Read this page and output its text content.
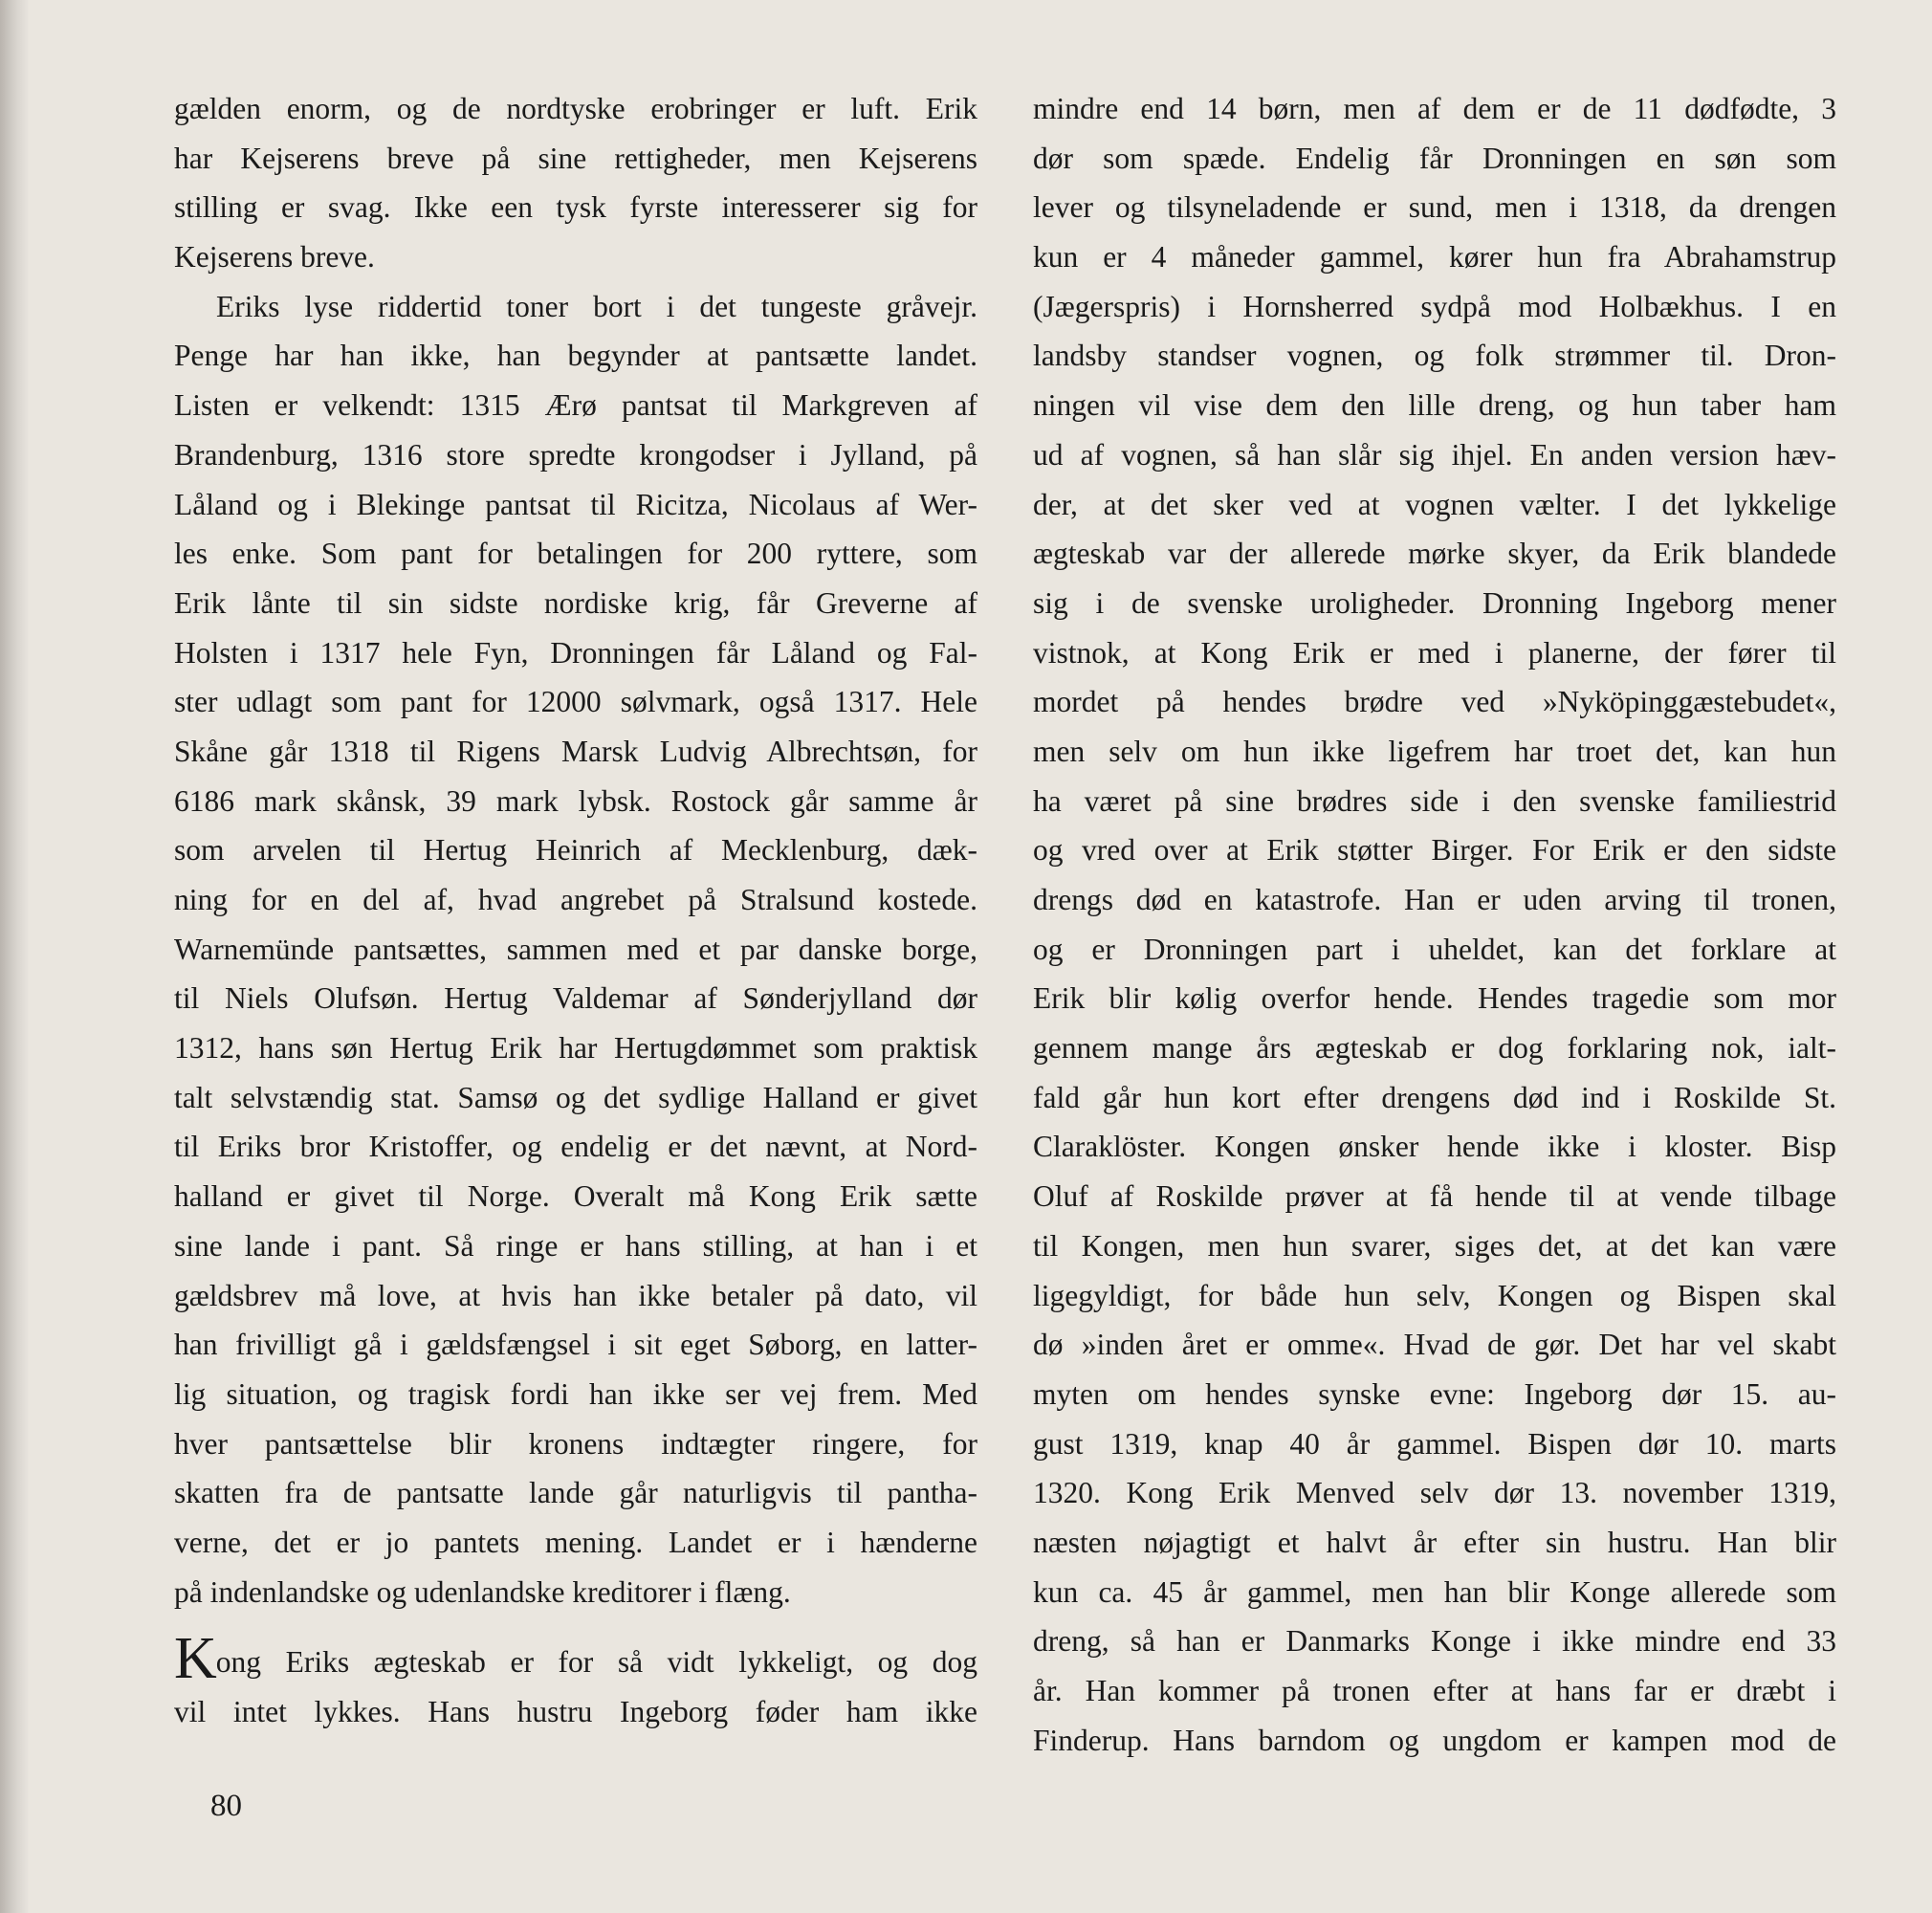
gælden enorm, og de nordtyske erobringer er luft. Erik
har Kejserens breve på sine rettigheder, men Kejserens
stilling er svag. Ikke een tysk fyrste interesserer sig for
Kejserens breve.
Eriks lyse riddertid toner bort i det tungeste gråvejr.
Penge har han ikke, han begynder at pantsætte landet.
Listen er velkendt: 1315 Ærø pantsat til Markgreven af
Brandenburg, 1316 store spredte krongodser i Jylland, på
Låland og i Blekinge pantsat til Ricitza, Nicolaus af Wer-
les enke. Som pant for betalingen for 200 ryttere, som
Erik lånte til sin sidste nordiske krig, får Greverne af
Holsten i 1317 hele Fyn, Dronningen får Låland og Fal-
ster udlagt som pant for 12000 sølvmark, også 1317. Hele
Skåne går 1318 til Rigens Marsk Ludvig Albrechtsøn, for
6186 mark skånsk, 39 mark lybsk. Rostock går samme år
som arvelen til Hertug Heinrich af Mecklenburg, dæk-
ning for en del af, hvad angrebet på Stralsund kostede.
Warnemünde pantsættes, sammen med et par danske borge,
til Niels Olufsøn. Hertug Valdemar af Sønderjylland dør
1312, hans søn Hertug Erik har Hertugdømmet som praktisk
talt selvstændig stat. Samsø og det sydlige Halland er givet
til Eriks bror Kristoffer, og endelig er det nævnt, at Nord-
halland er givet til Norge. Overalt må Kong Erik sætte
sine lande i pant. Så ringe er hans stilling, at han i et
gældsbrev må love, at hvis han ikke betaler på dato, vil
han frivilligt gå i gældsfængsel i sit eget Søborg, en latter-
lig situation, og tragisk fordi han ikke ser vej frem. Med
hver pantsættelse blir kronens indtægter ringere, for
skatten fra de pantsatte lande går naturligvis til pantha-
verne, det er jo pantets mening. Landet er i hænderne
på indenlandske og udenlandske kreditorer i flæng.
Kong Eriks ægteskab er for så vidt lykkeligt, og dog
vil intet lykkes. Hans hustru Ingeborg føder ham ikke
mindre end 14 børn, men af dem er de 11 dødfødte, 3
dør som spæde. Endelig får Dronningen en søn som
lever og tilsyneladende er sund, men i 1318, da drengen
kun er 4 måneder gammel, kører hun fra Abrahamstrup
(Jægerspris) i Hornsherred sydpå mod Holbækhus. I en
landsby standser vognen, og folk strømmer til. Dron-
ningen vil vise dem den lille dreng, og hun taber ham
ud af vognen, så han slår sig ihjel. En anden version hæv-
der, at det sker ved at vognen vælter. I det lykkelige
ægteskab var der allerede mørke skyer, da Erik blandede
sig i de svenske uroligheder. Dronning Ingeborg mener
vistnok, at Kong Erik er med i planerne, der fører til
mordet på hendes brødre ved »Nyköpinggæstebudet«,
men selv om hun ikke ligefrem har troet det, kan hun
ha været på sine brødres side i den svenske familiestrid
og vred over at Erik støtter Birger. For Erik er den sidste
drengs død en katastrofe. Han er uden arving til tronen,
og er Dronningen part i uheldet, kan det forklare at
Erik blir kølig overfor hende. Hendes tragedie som mor
gennem mange års ægteskab er dog forklaring nok, ialt-
fald går hun kort efter drengens død ind i Roskilde St.
Claraklöster. Kongen ønsker hende ikke i kloster. Bisp
Oluf af Roskilde prøver at få hende til at vende tilbage
til Kongen, men hun svarer, siges det, at det kan være
ligegyldigt, for både hun selv, Kongen og Bispen skal
dø »inden året er omme«. Hvad de gør. Det har vel skabt
myten om hendes synske evne: Ingeborg dør 15. au-
gust 1319, knap 40 år gammel. Bispen dør 10. marts
1320. Kong Erik Menved selv dør 13. november 1319,
næsten nøjagtigt et halvt år efter sin hustru. Han blir
kun ca. 45 år gammel, men han blir Konge allerede som
dreng, så han er Danmarks Konge i ikke mindre end 33
år. Han kommer på tronen efter at hans far er dræbt i
Finderup. Hans barndom og ungdom er kampen mod de
80
